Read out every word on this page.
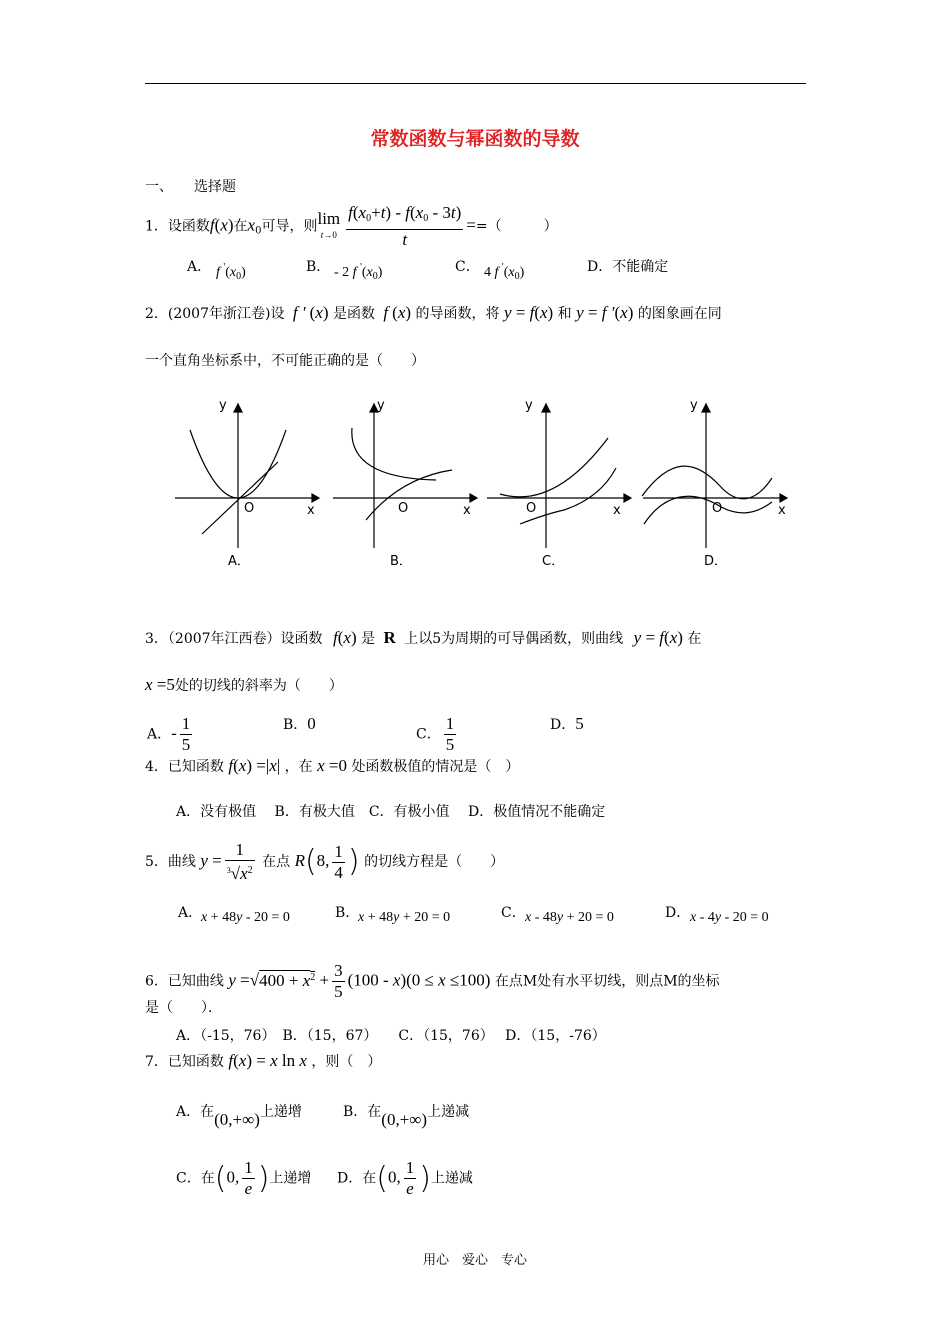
常数函数与幂函数的导数
一、　　选择题
1．设函数f(x)在$x_0$可导，则lim

$t\to 0 \frac{f(x_0+t) - f(x_0 - 3t)}{t}$ ==（　　　）
A． f $'(x_0)$	B． - 2 f $'(x_0)$	C． 4 f $'(x_0)$	D．不能确定
2．(2007年浙江卷)设 f ′ (x) 是函数 f (x) 的导函数，将 y = f(x) 和 y = f ′(x) 的图象画在同
一个直角坐标系中，不可能正确的是（　　）
y
x
O
y
x
O
y
x
O
y
x
O
A．	B．	C．	D．
3．（2007年江西卷）设函数 f(x) 是 R 上以5为周期的可导偶函数，则曲线 y = f(x) 在
x =5处的切线的斜率为（　　）
A．- $\frac{1}{5}$	B．0
C． $\frac{1}{5}$	D．5
4．已知函数 f(x) =|x| ，在 x =0 处函数极值的情况是（　）
A．没有极值　 B．有极大值　C．有极小值　 D．极值情况不能确定
5．曲线 $y = \frac{1}{^3√x^2}$ 在点 R(8, $\frac{1}{4}$ ) 的切线方程是（　　）
A．
x + 48y - 20 = 0	B．
x + 48y + 20 = 0	C． x - 48y + 20 = 0	D． x - 4y - 20 = 0
6．已知曲线 $y =√400 + x^2 + \frac{3}{5} (100 - x)(0 \le x \le 100)$ 在点M处有水平切线，则点M的坐标
是（　　）．
A．（-15，76）　B．（15，67）　　C．（15，76）　 D．（15，-76）
7．已知函数 f(x) = x ln x ，则（　）
A．在(0,+∞)上递增	B．在(0,+∞)上递减
C．在(0, $\frac{1}{e}$ )上递增 D．在(0, $\frac{1}{e}$ )上递减
用心　爱心　专心
